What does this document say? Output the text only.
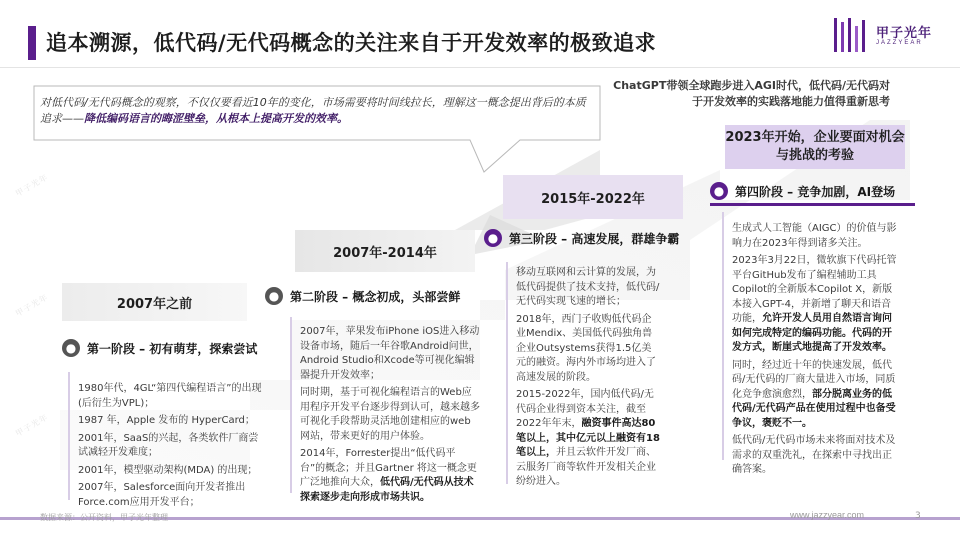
甲子光年
甲子光年
甲子光年
追本溯源，低代码/无代码概念的关注来自于开发效率的极致追求	甲子光年
JAZZYEAR
对低代码/无代码概念的观察，不仅仅要看近10年的变化，市场需要将时间线拉长，理解这一概念提出背后的本质追求——降低编码语言的晦涩壁垒，从根本上提高开发的效率。
ChatGPT带领全球跑步进入AGI时代，低代码/无代码对于开发效率的实践落地能力值得重新思考
2007年之前
2007年-2014年
2015年-2022年
2023年开始，企业要面对机会与挑战的考验
● 第一阶段 – 初有萌芽，探索尝试
● 第二阶段 – 概念初成，头部尝鲜
● 第三阶段 – 高速发展，群雄争霸
● 第四阶段 – 竞争加剧，AI登场
1980年代，4GL“第四代编程语言”的出现(后衍生为VPL)；
1987 年，Apple 发布的 HyperCard；
2001年，SaaS的兴起，各类软件厂商尝试减轻开发难度；
2001年，模型驱动架构(MDA) 的出现；
2007年，Salesforce面向开发者推出Force.com应用开发平台；
2007年，苹果发布iPhone iOS进入移动设备市场，随后一年谷歌Android问世，Android Studio和Xcode等可视化编辑器提升开发效率；
同时期，基于可视化编程语言的Web应用程序开发平台逐步得到认可，越来越多可视化手段帮助灵活地创建相应的web网站，带来更好的用户体验。
2014年，Forrester提出“低代码平台”的概念；并且Gartner 将这一概念更广泛地推向大众，低代码/无代码从技术探索逐步走向形成市场共识。
移动互联网和云计算的发展，为低代码提供了技术支持，低代码/无代码实现飞速的增长；
2018年，西门子收购低代码企业Mendix、美国低代码独角兽企业Outsystems获得1.5亿美元的融资。海内外市场均进入了高速发展的阶段。
2015-2022年，国内低代码/无代码企业得到资本关注，截至2022年年末，融资事件高达80笔以上，其中亿元以上融资有18笔以上，并且云软件开发厂商、云服务厂商等软件开发相关企业纷纷进入。
生成式人工智能（AIGC）的价值与影响力在2023年得到诸多关注。
2023年3月22日，微软旗下代码托管平台GitHub发布了编程辅助工具Copilot的全新版本Copilot X，新版本接入GPT-4，并新增了聊天和语音功能，允许开发人员用自然语言询问如何完成特定的编码功能。代码的开发方式，断崖式地提高了开发效率。
同时，经过近十年的快速发展，低代码/无代码的厂商大量进入市场，同质化竞争愈演愈烈，部分脱离业务的低代码/无代码产品在使用过程中也备受争议，褒贬不一。
低代码/无代码市场未来将面对技术及需求的双重洗礼，在探索中寻找出正确答案。
数据来源：公开资料，甲子光年整理	www.jazzyear.com	3
